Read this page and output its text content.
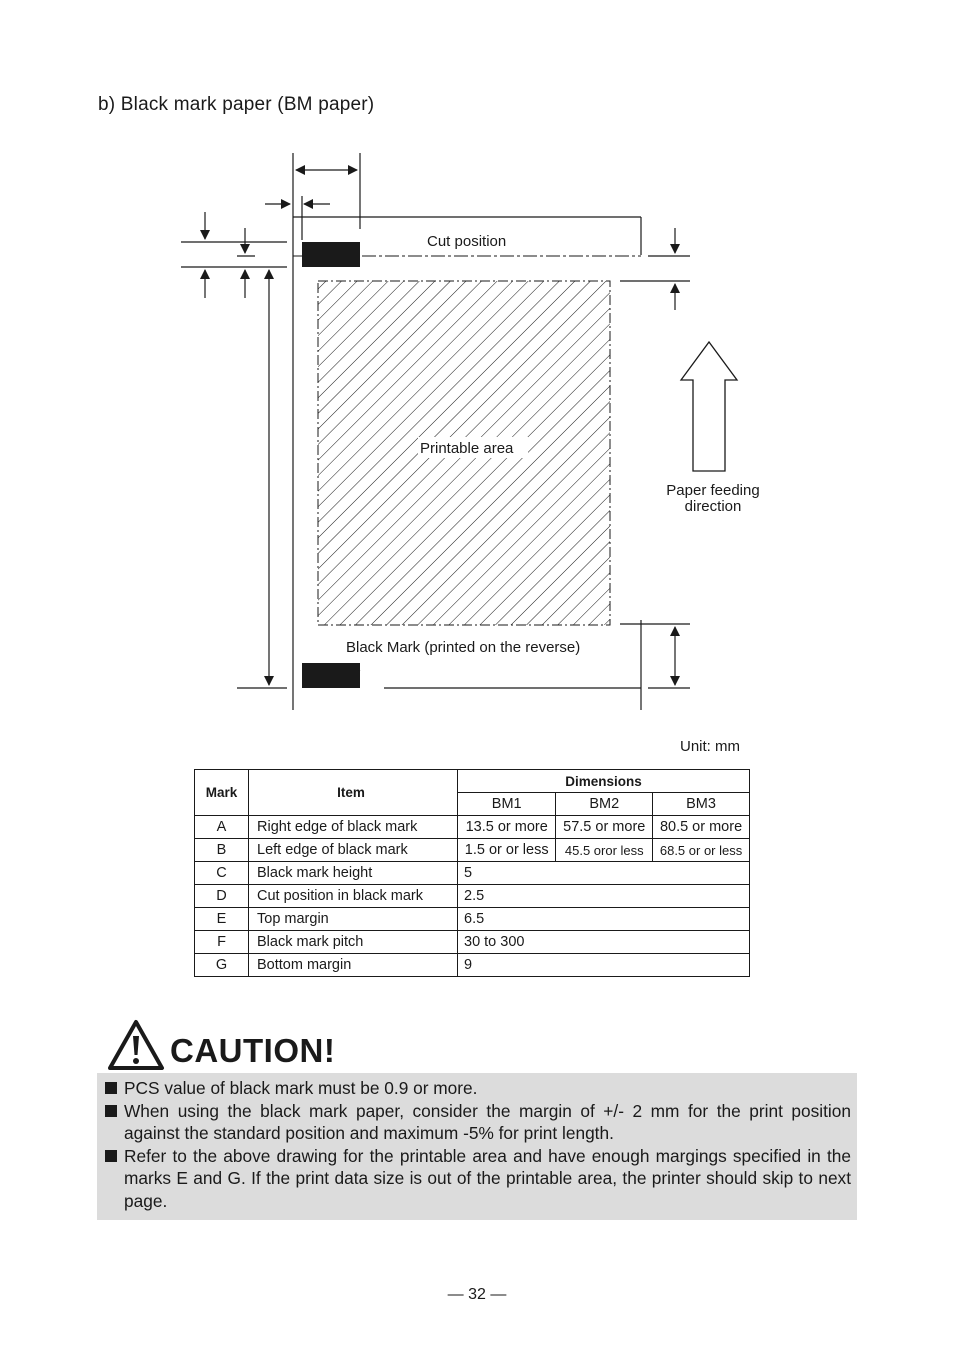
b) Black mark paper (BM paper)
Cut position
Printable area
Paper feeding
direction
Black Mark (printed on the reverse)
Unit: mm
Mark	Item	Dimensions		
		BM1	BM2	BM3
A	Right edge of black mark	13.5 or more	57.5 or more	80.5 or more
B	Left edge of black mark	1.5 or or less	45.5 oror less	68.5 or or less
C	Black mark height	5		
D	Cut position in black mark	2.5		
E	Top margin	6.5		
F	Black mark pitch	30 to 300		
G	Bottom margin	9		
CAUTION!
PCS value of black mark must be 0.9 or more.
When using the black mark paper, consider the margin of +/- 2 mm for the print position against the standard position and maximum -5% for print length.
Refer to the above drawing for the printable area and have enough margings specified in the marks E and G. If the print data size is out of the printable area, the printer should skip to next page.
— 32 —
